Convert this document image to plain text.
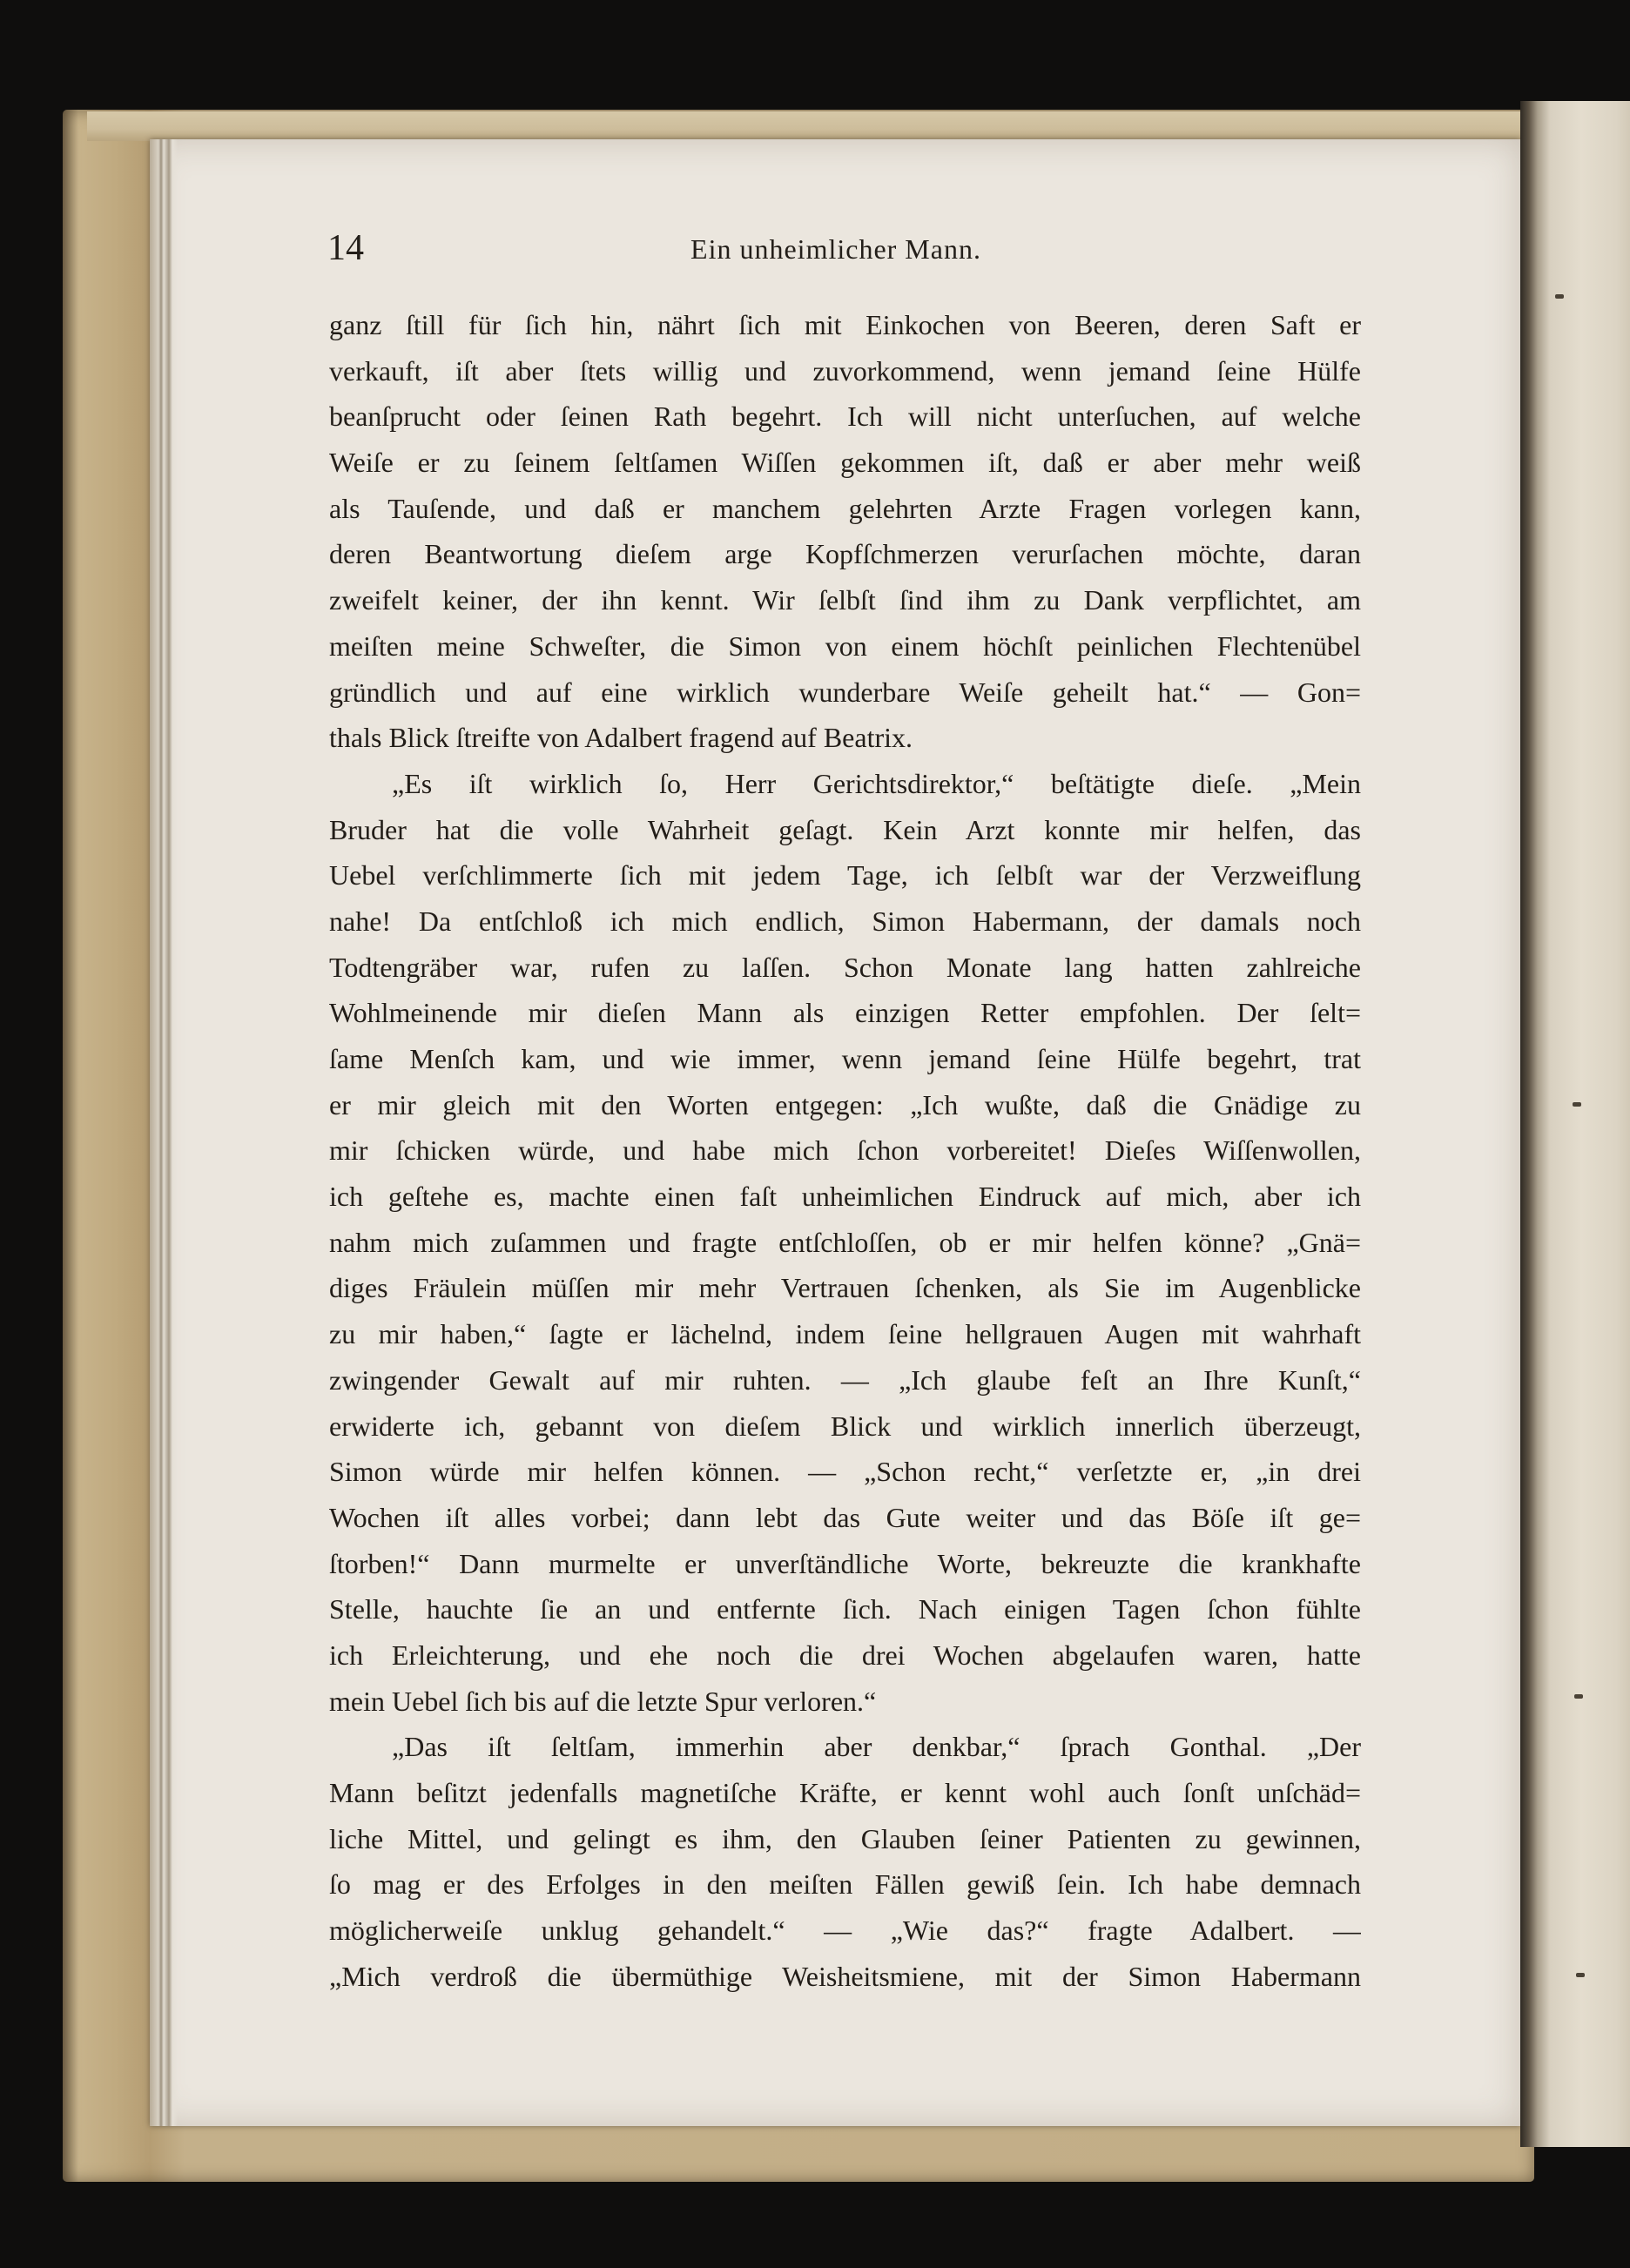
14	Ein unheimlicher Mann.
ganz ſtill für ſich hin, nährt ſich mit Einkochen von Beeren, deren Saft er
verkauft, iſt aber ſtets willig und zuvorkommend, wenn jemand ſeine Hülfe
beanſprucht oder ſeinen Rath begehrt. Ich will nicht unterſuchen, auf welche
Weiſe er zu ſeinem ſeltſamen Wiſſen gekommen iſt, daß er aber mehr weiß
als Tauſende, und daß er manchem gelehrten Arzte Fragen vorlegen kann,
deren Beantwortung dieſem arge Kopfſchmerzen verurſachen möchte, daran
zweifelt keiner, der ihn kennt. Wir ſelbſt ſind ihm zu Dank verpflichtet, am
meiſten meine Schweſter, die Simon von einem höchſt peinlichen Flechtenübel
gründlich und auf eine wirklich wunderbare Weiſe geheilt hat.“ — Gon=
thals Blick ſtreifte von Adalbert fragend auf Beatrix.
„Es iſt wirklich ſo, Herr Gerichtsdirektor,“ beſtätigte dieſe. „Mein
Bruder hat die volle Wahrheit geſagt. Kein Arzt konnte mir helfen, das
Uebel verſchlimmerte ſich mit jedem Tage, ich ſelbſt war der Verzweiflung
nahe! Da entſchloß ich mich endlich, Simon Habermann, der damals noch
Todtengräber war, rufen zu laſſen. Schon Monate lang hatten zahlreiche
Wohlmeinende mir dieſen Mann als einzigen Retter empfohlen. Der ſelt=
ſame Menſch kam, und wie immer, wenn jemand ſeine Hülfe begehrt, trat
er mir gleich mit den Worten entgegen: „Ich wußte, daß die Gnädige zu
mir ſchicken würde, und habe mich ſchon vorbereitet! Dieſes Wiſſenwollen,
ich geſtehe es, machte einen faſt unheimlichen Eindruck auf mich, aber ich
nahm mich zuſammen und fragte entſchloſſen, ob er mir helfen könne? „Gnä=
diges Fräulein müſſen mir mehr Vertrauen ſchenken, als Sie im Augenblicke
zu mir haben,“ ſagte er lächelnd, indem ſeine hellgrauen Augen mit wahrhaft
zwingender Gewalt auf mir ruhten. — „Ich glaube feſt an Ihre Kunſt,“
erwiderte ich, gebannt von dieſem Blick und wirklich innerlich überzeugt,
Simon würde mir helfen können. — „Schon recht,“ verſetzte er, „in drei
Wochen iſt alles vorbei; dann lebt das Gute weiter und das Böſe iſt ge=
ſtorben!“ Dann murmelte er unverſtändliche Worte, bekreuzte die krankhafte
Stelle, hauchte ſie an und entfernte ſich. Nach einigen Tagen ſchon fühlte
ich Erleichterung, und ehe noch die drei Wochen abgelaufen waren, hatte
mein Uebel ſich bis auf die letzte Spur verloren.“
„Das iſt ſeltſam, immerhin aber denkbar,“ ſprach Gonthal. „Der
Mann beſitzt jedenfalls magnetiſche Kräfte, er kennt wohl auch ſonſt unſchäd=
liche Mittel, und gelingt es ihm, den Glauben ſeiner Patienten zu gewinnen,
ſo mag er des Erfolges in den meiſten Fällen gewiß ſein. Ich habe demnach
möglicherweiſe unklug gehandelt.“ — „Wie das?“ fragte Adalbert. —
„Mich verdroß die übermüthige Weisheitsmiene, mit der Simon Habermann
